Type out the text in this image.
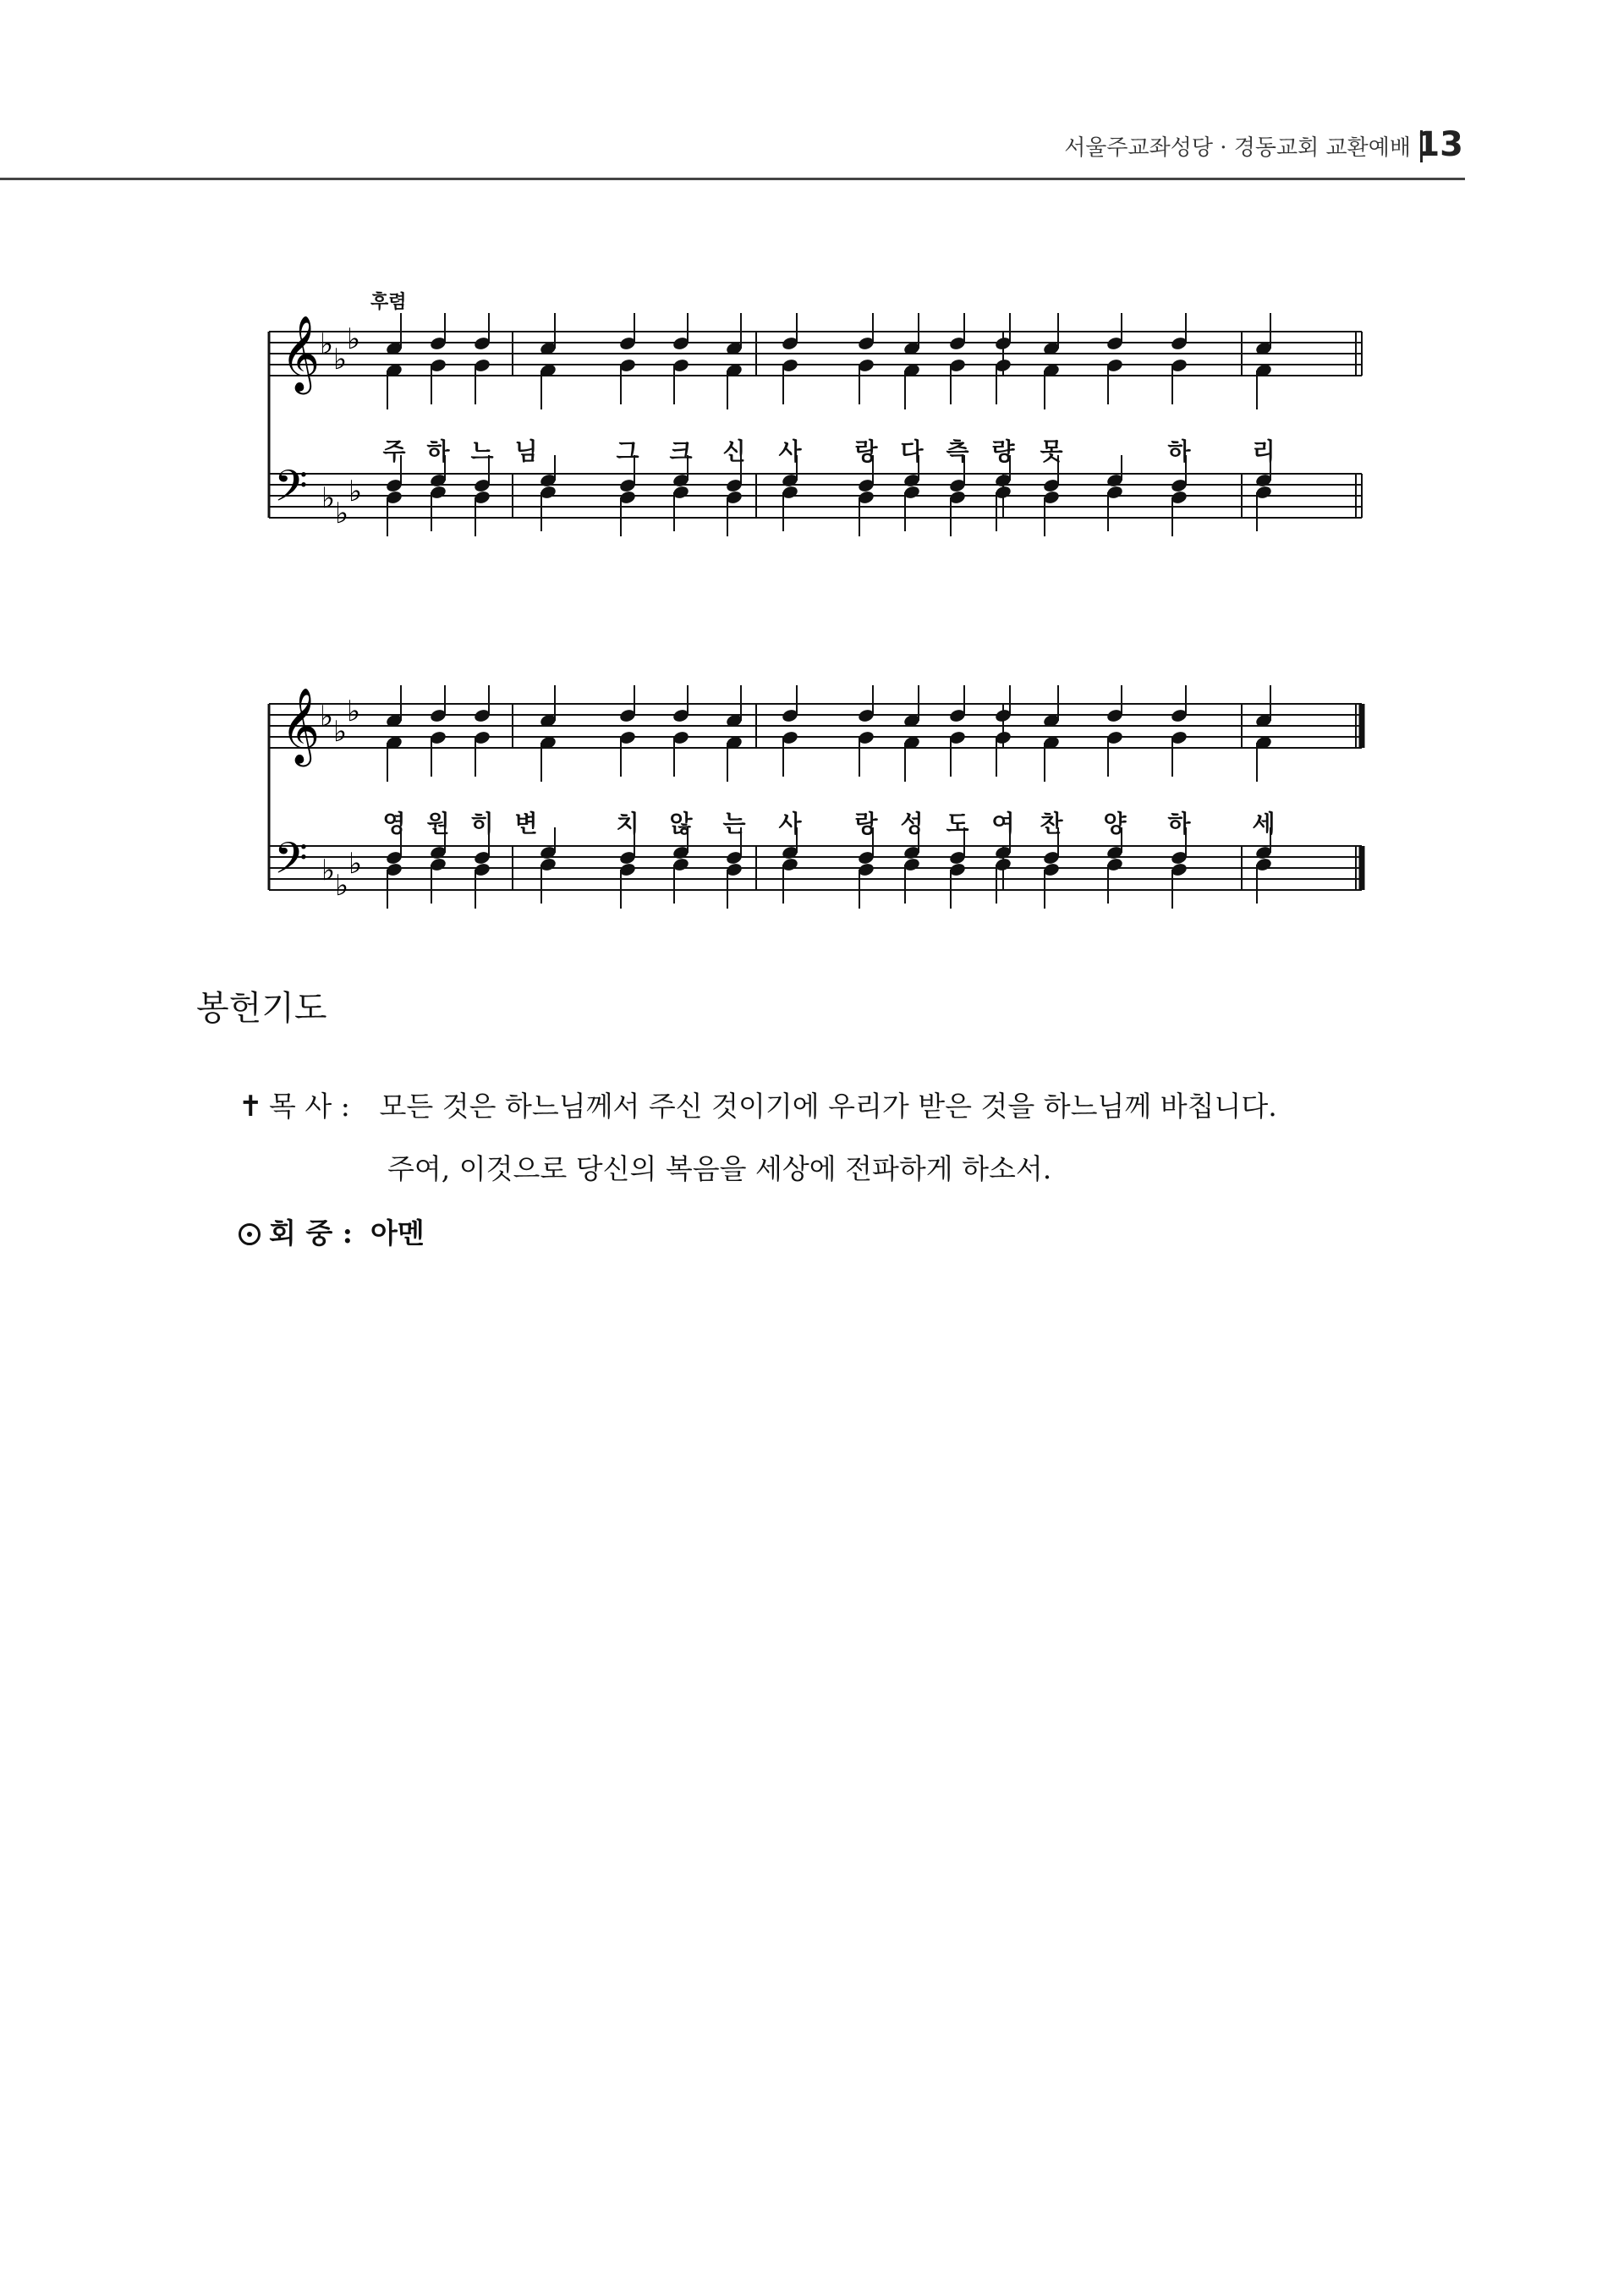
서울주교좌성당 · 경동교회 교환예배 13
후렴
𝄞
𝄢
♭ ♭
♭
♭ ♭
♭
주 하 느 님	그 크 신 사 랑 다 측 량 못	하	리
𝄞
𝄢
♭ ♭
♭
♭ ♭
♭
영 원 히 변	치 않 는 사 랑 성 도 여 찬 양 하	세
봉헌기도
✝ 목 사 : 모든 것은 하느님께서 주신 것이기에 우리가 받은 것을 하느님께 바칩니다.
주여, 이것으로 당신의 복음을 세상에 전파하게 하소서.
회 중 : 아멘
